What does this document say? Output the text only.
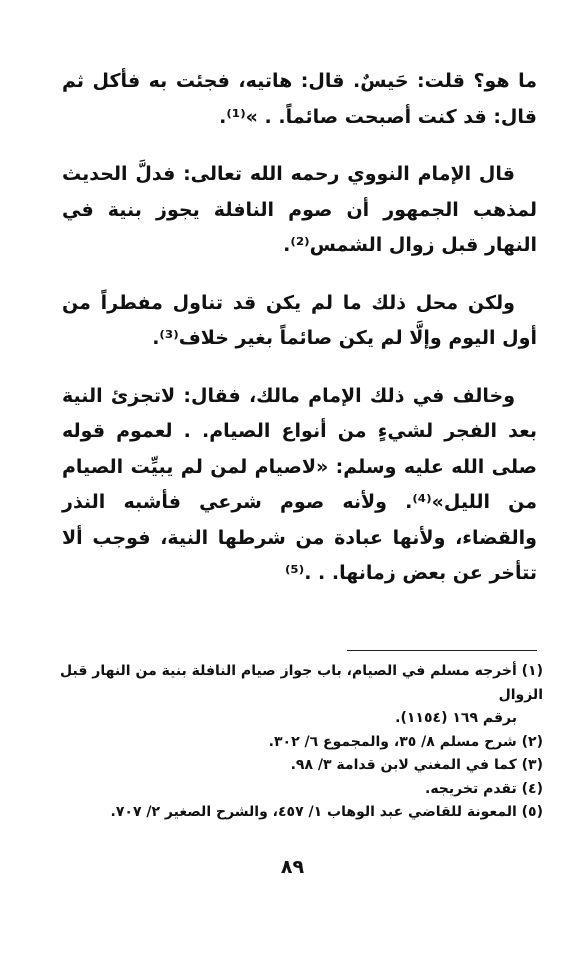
ما هو؟ قلت: حَيسٌ. قال: هاتيه، فجئت به فأكل ثم قال: قد كنت أصبحت صائماً. . »⁽¹⁾.

قال الإمام النووي رحمه الله تعالى: فدلَّ الحديث لمذهب الجمهور أن صوم النافلة يجوز بنية في النهار قبل زوال الشمس⁽²⁾.

ولكن محل ذلك ما لم يكن قد تناول مفطراً من أول اليوم وإلَّا لم يكن صائماً بغير خلاف⁽³⁾.

وخالف في ذلك الإمام مالك، فقال: لاتجزئ النية بعد الفجر لشيءٍ من أنواع الصيام. . لعموم قوله صلى الله عليه وسلم: «لاصيام لمن لم يبيِّت الصيام من الليل»⁽⁴⁾. ولأنه صوم شرعي فأشبه النذر والقضاء، ولأنها عبادة من شرطها النية، فوجب ألا تتأخر عن بعض زمانها. . .⁽⁵⁾

(١) أخرجه مسلم في الصيام، باب جواز صيام النافلة بنية من النهار قبل الزوال
برقم ١٦٩ (١١٥٤).
(٢) شرح مسلم ٨/ ٣٥، والمجموع ٦/ ٣٠٢.
(٣) كما في المغني لابن قدامة ٣/ ٩٨.
(٤) تقدم تخريجه.
(٥) المعونة للقاضي عبد الوهاب ١/ ٤٥٧، والشرح الصغير ٢/ ٧٠٧.
٨٩
